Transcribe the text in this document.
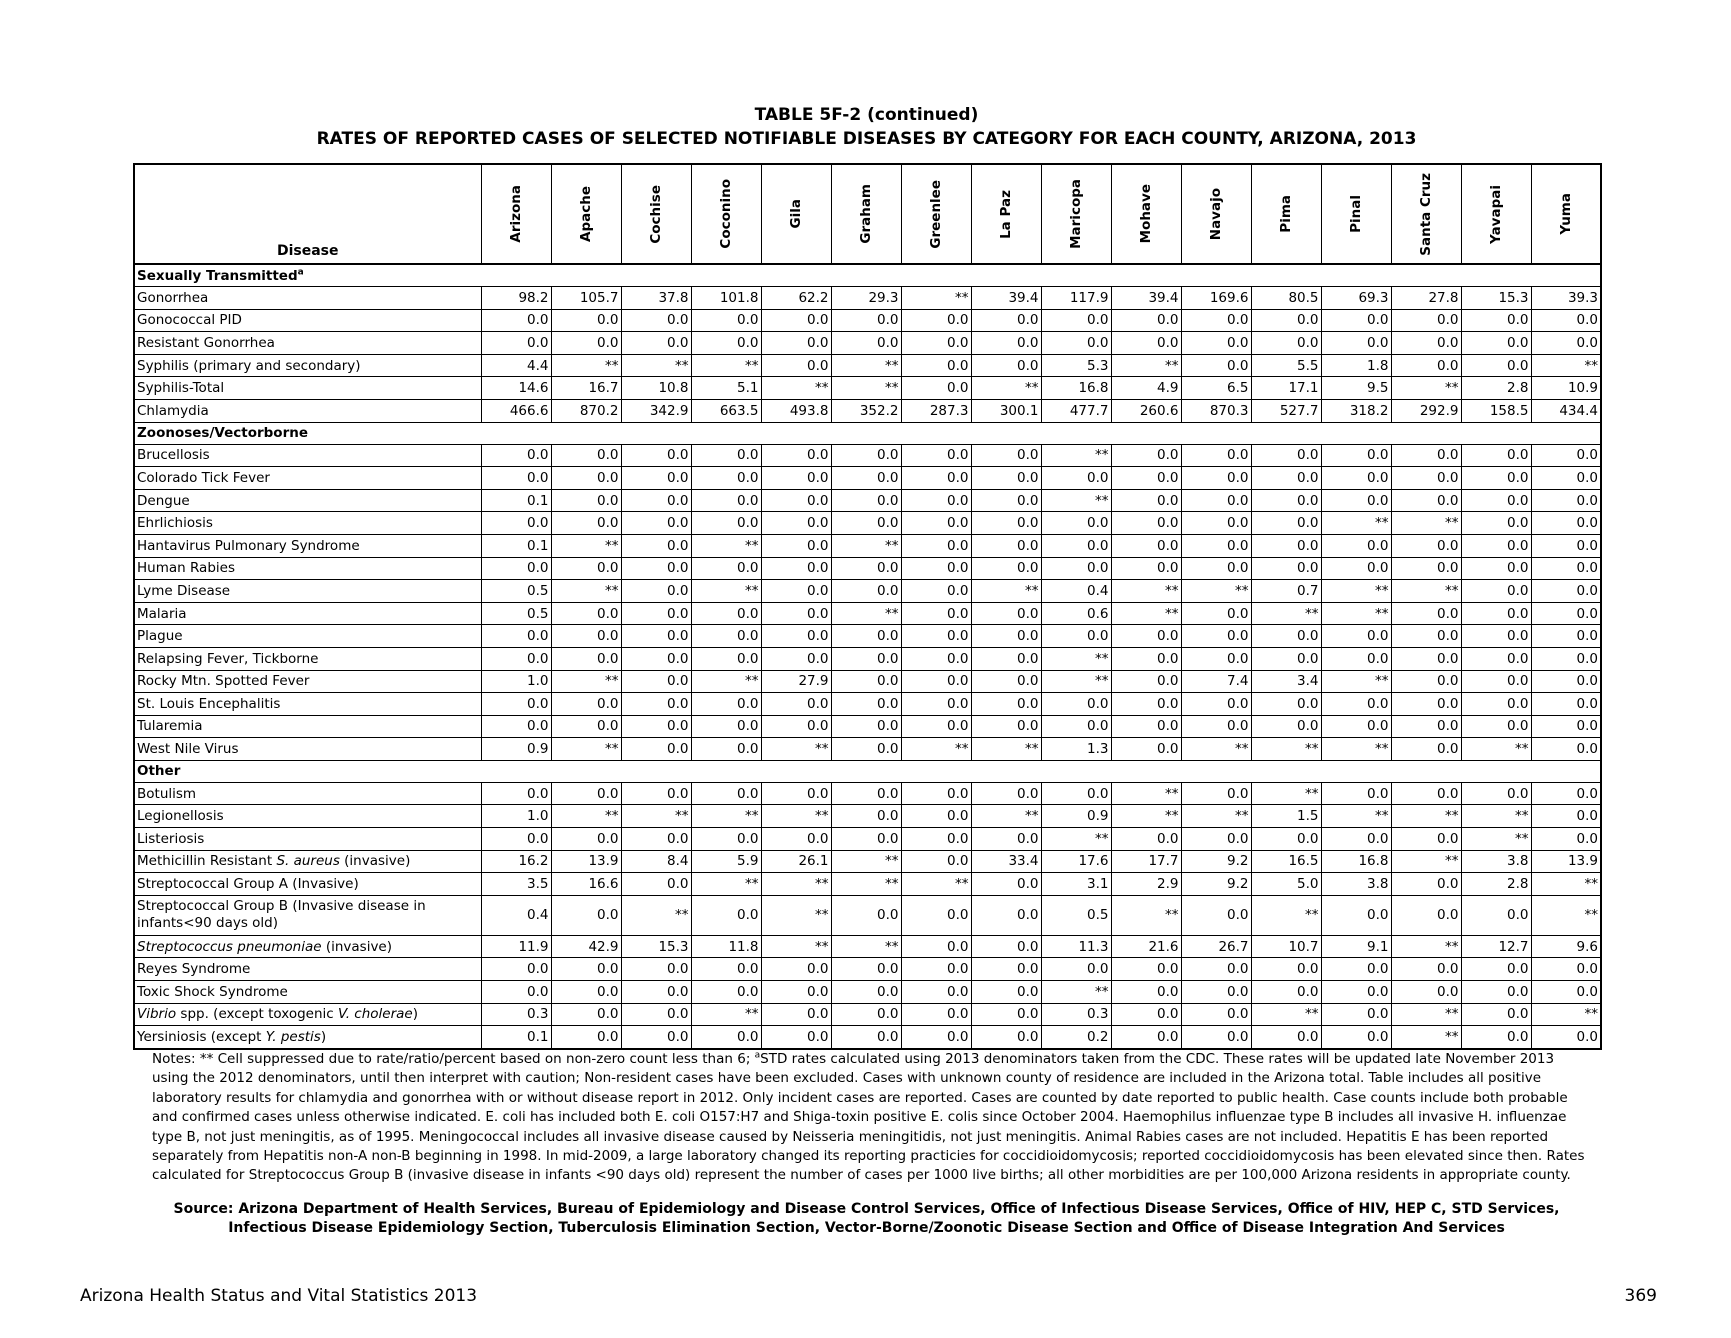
TABLE 5F-2 (continued)
RATES OF REPORTED CASES OF SELECTED NOTIFIABLE DISEASES BY CATEGORY FOR EACH COUNTY, ARIZONA, 2013
Disease	Arizona	Apache	Cochise	Coconino	Gila	Graham	Greenlee	La Paz	Maricopa	Mohave	Navajo	Pima	Pinal	Santa Cruz	Yavapai	Yuma

Sexually Transmitted$^a$
Gonorrhea	98.2	105.7	37.8	101.8	62.2	29.3	**	39.4	117.9	39.4	169.6	80.5	69.3	27.8	15.3	39.3
Gonococcal PID	0.0	0.0	0.0	0.0	0.0	0.0	0.0	0.0	0.0	0.0	0.0	0.0	0.0	0.0	0.0	0.0
Resistant Gonorrhea	0.0	0.0	0.0	0.0	0.0	0.0	0.0	0.0	0.0	0.0	0.0	0.0	0.0	0.0	0.0	0.0
Syphilis (primary and secondary)	4.4	**	**	**	0.0	**	0.0	0.0	5.3	**	0.0	5.5	1.8	0.0	0.0	**
Syphilis-Total	14.6	16.7	10.8	5.1	**	**	0.0	**	16.8	4.9	6.5	17.1	9.5	**	2.8	10.9
Chlamydia	466.6	870.2	342.9	663.5	493.8	352.2	287.3	300.1	477.7	260.6	870.3	527.7	318.2	292.9	158.5	434.4
Zoonoses/Vectorborne																
Brucellosis	0.0	0.0	0.0	0.0	0.0	0.0	0.0	0.0	**	0.0	0.0	0.0	0.0	0.0	0.0	0.0
Colorado Tick Fever	0.0	0.0	0.0	0.0	0.0	0.0	0.0	0.0	0.0	0.0	0.0	0.0	0.0	0.0	0.0	0.0
Dengue	0.1	0.0	0.0	0.0	0.0	0.0	0.0	0.0	**	0.0	0.0	0.0	0.0	0.0	0.0	0.0
Ehrlichiosis	0.0	0.0	0.0	0.0	0.0	0.0	0.0	0.0	0.0	0.0	0.0	0.0	**	**	0.0	0.0
Hantavirus Pulmonary Syndrome	0.1	**	0.0	**	0.0	**	0.0	0.0	0.0	0.0	0.0	0.0	0.0	0.0	0.0	0.0
Human Rabies	0.0	0.0	0.0	0.0	0.0	0.0	0.0	0.0	0.0	0.0	0.0	0.0	0.0	0.0	0.0	0.0
Lyme Disease	0.5	**	0.0	**	0.0	0.0	0.0	**	0.4	**	**	0.7	**	**	0.0	0.0
Malaria	0.5	0.0	0.0	0.0	0.0	**	0.0	0.0	0.6	**	0.0	**	**	0.0	0.0	0.0
Plague	0.0	0.0	0.0	0.0	0.0	0.0	0.0	0.0	0.0	0.0	0.0	0.0	0.0	0.0	0.0	0.0
Relapsing Fever, Tickborne	0.0	0.0	0.0	0.0	0.0	0.0	0.0	0.0	**	0.0	0.0	0.0	0.0	0.0	0.0	0.0
Rocky Mtn. Spotted Fever	1.0	**	0.0	**	27.9	0.0	0.0	0.0	**	0.0	7.4	3.4	**	0.0	0.0	0.0
St. Louis Encephalitis	0.0	0.0	0.0	0.0	0.0	0.0	0.0	0.0	0.0	0.0	0.0	0.0	0.0	0.0	0.0	0.0
Tularemia	0.0	0.0	0.0	0.0	0.0	0.0	0.0	0.0	0.0	0.0	0.0	0.0	0.0	0.0	0.0	0.0
West Nile Virus	0.9	**	0.0	0.0	**	0.0	**	**	1.3	0.0	**	**	**	0.0	**	0.0
Other																
Botulism	0.0	0.0	0.0	0.0	0.0	0.0	0.0	0.0	0.0	**	0.0	**	0.0	0.0	0.0	0.0
Legionellosis	1.0	**	**	**	**	0.0	0.0	**	0.9	**	**	1.5	**	**	**	0.0
Listeriosis	0.0	0.0	0.0	0.0	0.0	0.0	0.0	0.0	**	0.0	0.0	0.0	0.0	0.0	**	0.0
Methicillin Resistant S. aureus (invasive)	16.2	13.9	8.4	5.9	26.1	**	0.0	33.4	17.6	17.7	9.2	16.5	16.8	**	3.8	13.9
Streptococcal Group A (Invasive)	3.5	16.6	0.0	**	**	**	**	0.0	3.1	2.9	9.2	5.0	3.8	0.0	2.8	**
Streptococcal Group B (Invasive disease in infants<90 days old)	0.4	0.0	**	0.0	**	0.0	0.0	0.0	0.5	**	0.0	**	0.0	0.0	0.0	**
Streptococcus pneumoniae (invasive)	11.9	42.9	15.3	11.8	**	**	0.0	0.0	11.3	21.6	26.7	10.7	9.1	**	12.7	9.6
Reyes Syndrome	0.0	0.0	0.0	0.0	0.0	0.0	0.0	0.0	0.0	0.0	0.0	0.0	0.0	0.0	0.0	0.0
Toxic Shock Syndrome	0.0	0.0	0.0	0.0	0.0	0.0	0.0	0.0	**	0.0	0.0	0.0	0.0	0.0	0.0	0.0
Vibrio spp. (except toxogenic V. cholerae)	0.3	0.0	0.0	**	0.0	0.0	0.0	0.0	0.3	0.0	0.0	**	0.0	**	0.0	**
Yersiniosis (except Y. pestis)	0.1	0.0	0.0	0.0	0.0	0.0	0.0	0.0	0.2	0.0	0.0	0.0	0.0	**	0.0	0.0
Notes: ** Cell suppressed due to rate/ratio/percent based on non-zero count less than 6; $^a$STD rates calculated using 2013 denominators taken from the CDC. These rates will be updated late November 2013 using the 2012 denominators, until then interpret with caution; Non-resident cases have been excluded. Cases with unknown county of residence are included in the Arizona total. Table includes all positive laboratory results for chlamydia and gonorrhea with or without disease report in 2012. Only incident cases are reported. Cases are counted by date reported to public health. Case counts include both probable and confirmed cases unless otherwise indicated. E. coli has included both E. coli O157:H7 and Shiga-toxin positive E. colis since October 2004. Haemophilus influenzae type B includes all invasive H. influenzae type B, not just meningitis, as of 1995. Meningococcal includes all invasive disease caused by Neisseria meningitidis, not just meningitis. Animal Rabies cases are not included. Hepatitis E has been reported separately from Hepatitis non-A non-B beginning in 1998. In mid-2009, a large laboratory changed its reporting practicies for coccidioidomycosis; reported coccidioidomycosis has been elevated since then. Rates calculated for Streptococcus Group B (invasive disease in infants <90 days old) represent the number of cases per 1000 live births; all other morbidities are per 100,000 Arizona residents in appropriate county.
Source: Arizona Department of Health Services, Bureau of Epidemiology and Disease Control Services, Office of Infectious Disease Services, Office of HIV, HEP C, STD Services, Infectious Disease Epidemiology Section, Tuberculosis Elimination Section, Vector-Borne/Zoonotic Disease Section and Office of Disease Integration And Services
Arizona Health Status and Vital Statistics 2013	369
